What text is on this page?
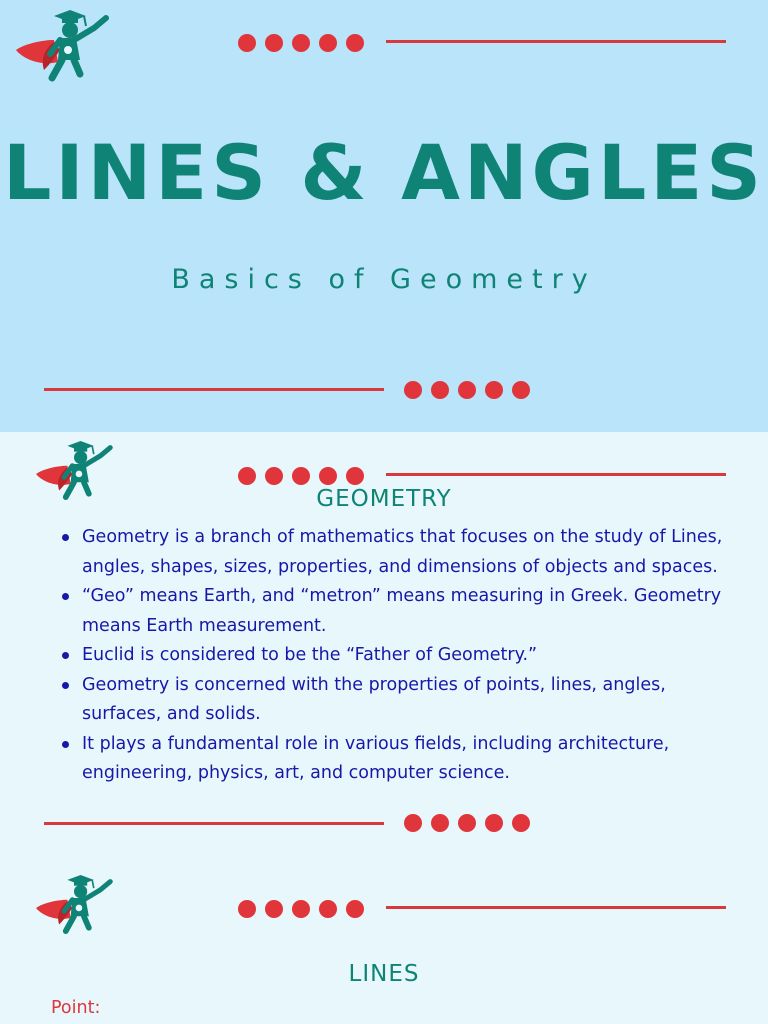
LINES & ANGLES
Basics of Geometry
GEOMETRY
Geometry is a branch of mathematics that focuses on the study of Lines, angles, shapes, sizes, properties, and dimensions of objects and spaces.
“Geo” means Earth, and “metron” means measuring in Greek. Geometry means Earth measurement.
Euclid is considered to be the “Father of Geometry.”
Geometry is concerned with the properties of points, lines, angles, surfaces, and solids.
It plays a fundamental role in various fields, including architecture, engineering, physics, art, and computer science.
LINES
Point:
